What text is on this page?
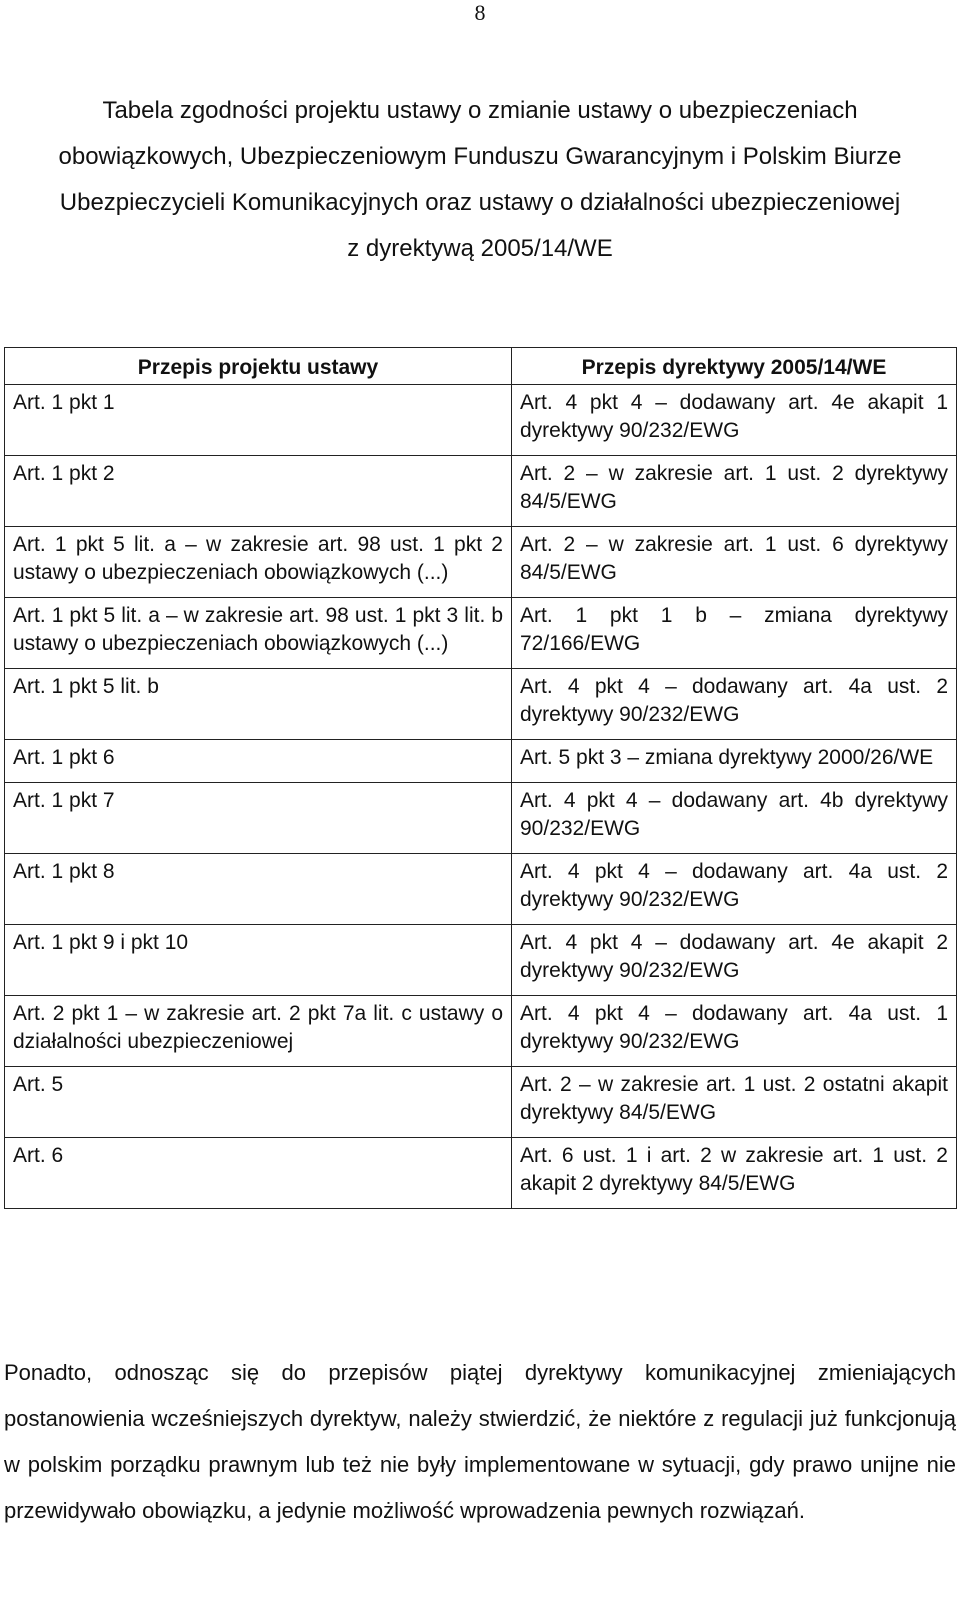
8
Tabela zgodności projektu ustawy o zmianie ustawy o ubezpieczeniach
obowiązkowych, Ubezpieczeniowym Funduszu Gwarancyjnym i Polskim Biurze
Ubezpieczycieli Komunikacyjnych oraz ustawy o działalności ubezpieczeniowej
z dyrektywą 2005/14/WE
Przepis projektu ustawy	Przepis dyrektywy 2005/14/WE
Art. 1 pkt 1	Art. 4 pkt 4 – dodawany art. 4e akapit 1 dyrektywy 90/232/EWG
Art. 1 pkt 2	Art. 2 – w zakresie art. 1 ust. 2 dyrektywy 84/5/EWG
Art. 1 pkt 5 lit. a – w zakresie art. 98 ust. 1 pkt 2 ustawy o ubezpieczeniach obowiązkowych (...)	Art. 2 – w zakresie art. 1 ust. 6 dyrektywy 84/5/EWG
Art. 1 pkt 5 lit. a – w zakresie art. 98 ust. 1 pkt 3 lit. b ustawy o ubezpieczeniach obowiązkowych (...)	Art. 1 pkt 1 b – zmiana dyrektywy 72/166/EWG
Art. 1 pkt 5 lit. b	Art. 4 pkt 4 – dodawany art. 4a ust. 2 dyrektywy 90/232/EWG
Art. 1 pkt 6	Art. 5 pkt 3 – zmiana dyrektywy 2000/26/WE
Art. 1 pkt 7	Art. 4 pkt 4 – dodawany art. 4b dyrektywy 90/232/EWG
Art. 1 pkt 8	Art. 4 pkt 4 – dodawany art. 4a ust. 2 dyrektywy 90/232/EWG
Art. 1 pkt 9 i pkt 10	Art. 4 pkt 4 – dodawany art. 4e akapit 2 dyrektywy 90/232/EWG
Art. 2 pkt 1 – w zakresie art. 2 pkt 7a lit. c ustawy o działalności ubezpieczeniowej	Art. 4 pkt 4 – dodawany art. 4a ust. 1 dyrektywy 90/232/EWG
Art. 5	Art. 2 – w zakresie art. 1 ust. 2 ostatni akapit dyrektywy 84/5/EWG
Art. 6	Art. 6 ust. 1 i art. 2 w zakresie art. 1 ust. 2 akapit 2 dyrektywy 84/5/EWG

Ponadto, odnosząc się do przepisów piątej dyrektywy komunikacyjnej zmieniających postanowienia wcześniejszych dyrektyw, należy stwierdzić, że niektóre z regulacji już funkcjonują w polskim porządku prawnym lub też nie były implementowane w sytuacji, gdy prawo unijne nie przewidywało obowiązku, a jedynie możliwość wprowadzenia pewnych rozwiązań.
